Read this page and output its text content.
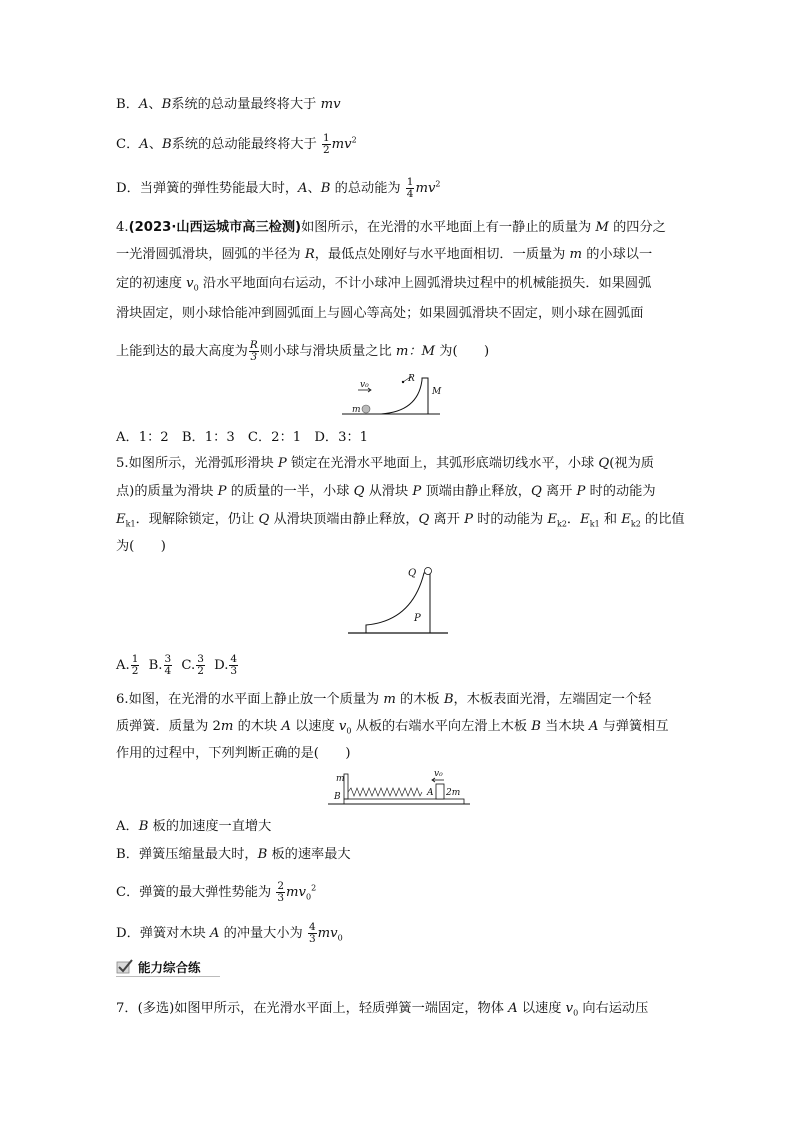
B．A、B系统的总动量最终将大于 mv
C．A、B系统的总动能最终将大于 $\frac{1}{2} mv^2$
D．当弹簧的弹性势能最大时，A、B 的总动能为 $\frac{1}{4} mv^2$
4.(2023·山西运城市高三检测)如图所示，在光滑的水平地面上有一静止的质量为 M 的四分之
一光滑圆弧滑块，圆弧的半径为 R，最低点处刚好与水平地面相切．一质量为 m 的小球以一
定的初速度 $v_0$ 沿水平地面向右运动，不计小球冲上圆弧滑块过程中的机械能损失．如果圆弧
滑块固定，则小球恰能冲到圆弧面上与圆心等高处；如果圆弧滑块不固定，则小球在圆弧面
上能到达的最大高度为 $\frac{R}{3}$ 则小球与滑块质量之比 m：M 为(　　)
v₀
m
R
M
A．1：2　B．1：3　C．2：1　D．3：1
5.如图所示，光滑弧形滑块 P 锁定在光滑水平地面上，其弧形底端切线水平，小球 Q(视为质
点)的质量为滑块 P 的质量的一半，小球 Q 从滑块 P 顶端由静止释放，Q 离开 P 时的动能为
$E_{k1}$．现解除锁定，仍让 Q 从滑块顶端由静止释放，Q 离开 P 时的动能为 $E_{k2}$．$E_{k1}$ 和 $E_{k2}$ 的比值
为(　　)
Q
P
A. $\frac{1}{2} B$. $\frac{3}{4} C$. $\frac{3}{2} D$. $\frac{4}{3}$
6.如图，在光滑的水平面上静止放一个质量为 m 的木板 B，木板表面光滑，左端固定一个轻
质弹簧．质量为 2m 的木块 A 以速度 $v_0$ 从板的右端水平向左滑上木板 B 当木块 A 与弹簧相互
作用的过程中，下列判断正确的是(　　)
v₀
m
B	A 2m
A．B 板的加速度一直增大
B．弹簧压缩量最大时，B 板的速率最大
C．弹簧的最大弹性势能为 $\frac{2}{3} mv_0^2$
D．弹簧对木块 A 的冲量大小为 $\frac{4}{3} mv_0$
能力综合练
7．(多选)如图甲所示，在光滑水平面上，轻质弹簧一端固定，物体 A 以速度 $v_0$ 向右运动压
